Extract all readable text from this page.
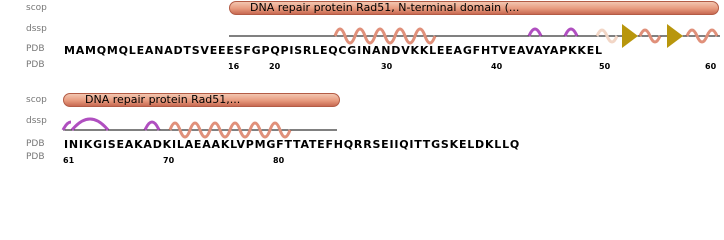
scop
dssp
PDB
PDB
DNA repair protein Rad51, N-terminal domain (...
MAMQMQLEANADTSVEEESFGPQPISRLEQCGINANDVKKLEEAGFHTVEAVAYAPKKEL
16	20	30	40	50	60
scop
dssp
PDB
PDB
DNA repair protein Rad51,...
INIKGISEAKADKILAEAAKLVPMGFTTATEFHQRRSEIIQITTGSKELDKLLQ
61	70	80
